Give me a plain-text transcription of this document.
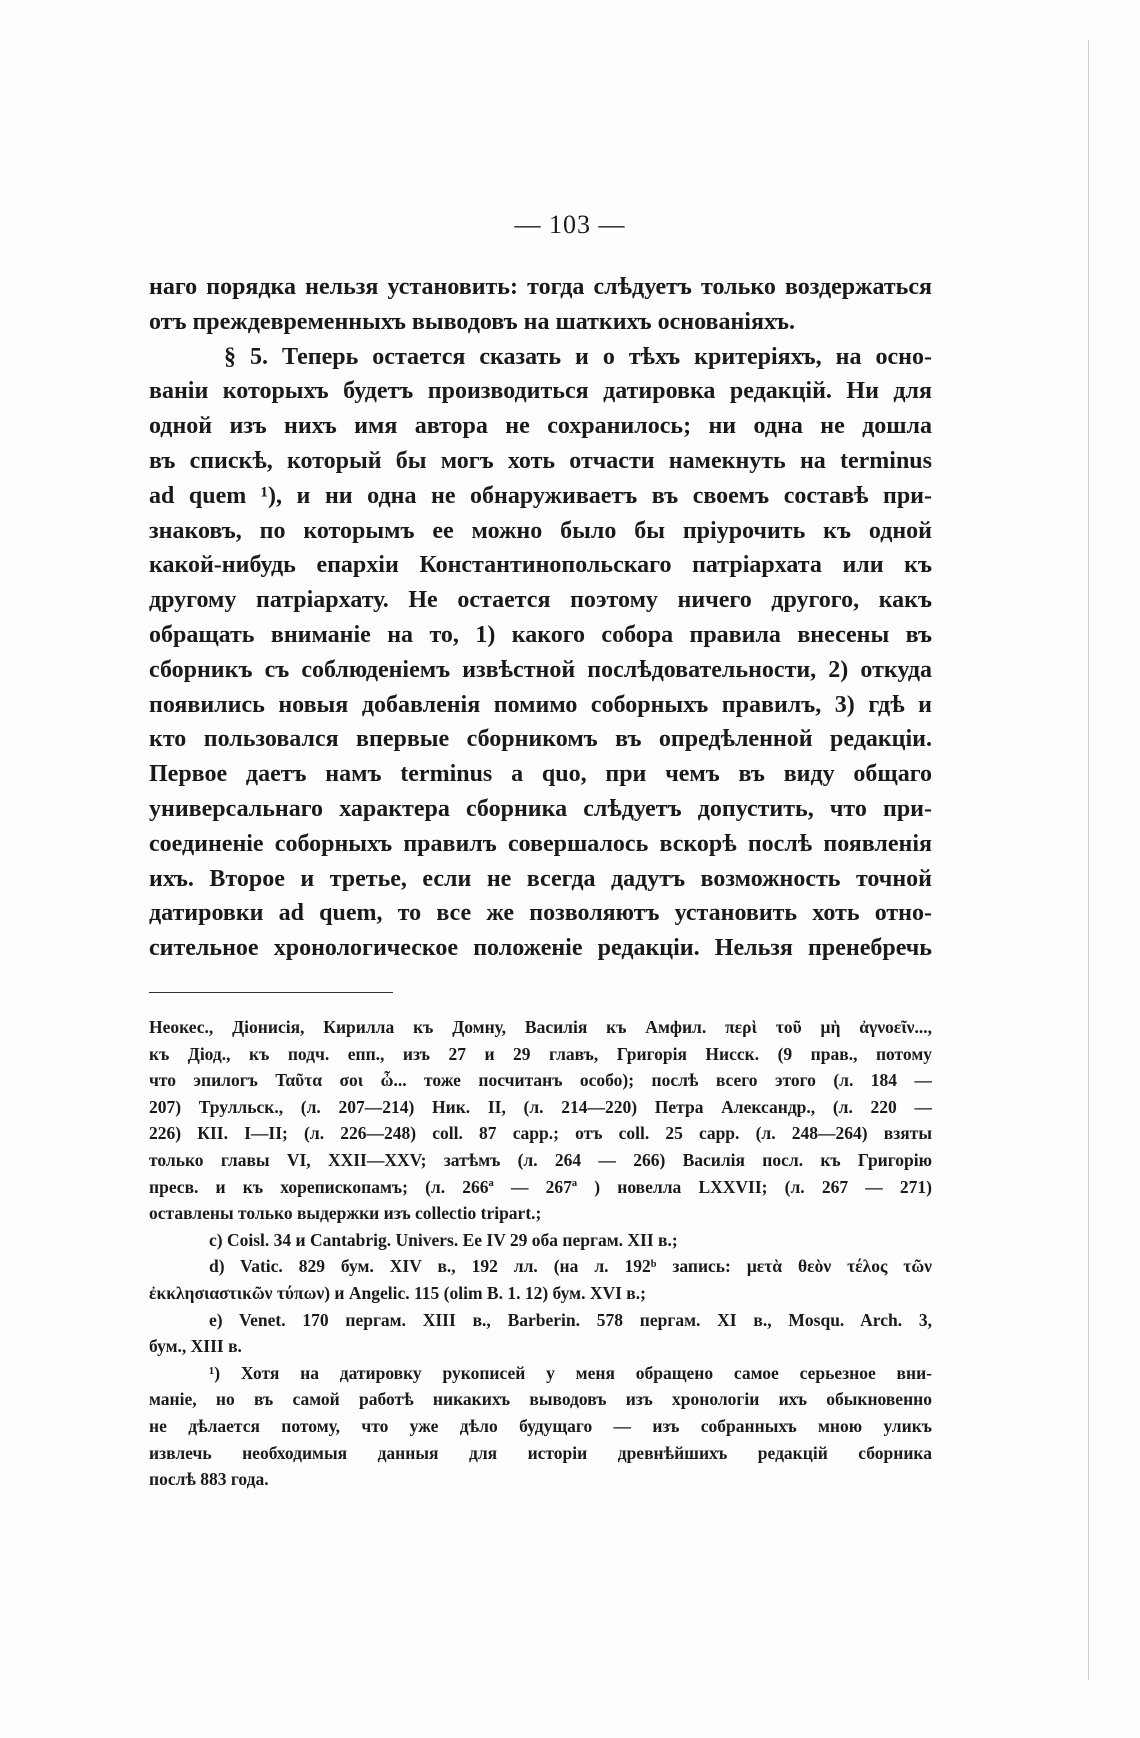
— 103 —
наго порядка нельзя установить: тогда слѣдуетъ только воздержаться
отъ преждевременныхъ выводовъ на шаткихъ основаніяхъ.
§ 5. Теперь остается сказать и о тѣхъ критеріяхъ, на осно-
ваніи которыхъ будетъ производиться датировка редакцій. Ни для
одной изъ нихъ имя автора не сохранилось; ни одна не дошла
въ спискѣ, который бы могъ хоть отчасти намекнуть на terminus
ad quem ¹), и ни одна не обнаруживаетъ въ своемъ составѣ при-
знаковъ, по которымъ ее можно было бы пріурочить къ одной
какой-нибудь епархіи Константинопольскаго патріархата или къ
другому патріархату. Не остается поэтому ничего другого, какъ
обращать вниманіе на то, 1) какого собора правила внесены въ
сборникъ съ соблюденіемъ извѣстной послѣдовательности, 2) откуда
появились новыя добавленія помимо соборныхъ правилъ, 3) гдѣ и
кто пользовался впервые сборникомъ въ опредѣленной редакціи.
Первое даетъ намъ terminus a quo, при чемъ въ виду общаго
универсальнаго характера сборника слѣдуетъ допустить, что при-
соединеніе соборныхъ правилъ совершалось вскорѣ послѣ появленія
ихъ. Второе и третье, если не всегда дадутъ возможность точной
датировки ad quem, то все же позволяютъ установить хоть отно-
сительное хронологическое положеніе редакціи. Нельзя пренебречь
Неокес., Діонисія, Кирилла къ Домну, Василія къ Амфил. περὶ τοῦ μὴ ἀγνοεῖν...,
къ Діод., къ подч. епп., изъ 27 и 29 главъ, Григорія Нисск. (9 прав., потому
что эпилогъ Ταῦτα σοι ὦ... тоже посчитанъ особо); послѣ всего этого (л. 184 —
207) Трулльск., (л. 207—214) Ник. II, (л. 214—220) Петра Александр., (л. 220 —
226) КII. I—II; (л. 226—248) coll. 87 capp.; отъ coll. 25 capp. (л. 248—264) взяты
только главы VI, XXII—XXV; затѣмъ (л. 264 — 266) Василія посл. къ Григорію
пресв. и къ хорепископамъ; (л. 266ª — 267ª ) новелла LXXVII; (л. 267 — 271)
оставлены только выдержки изъ collectio tripart.;
c) Coisl. 34 и Cantabrig. Univers. Ee IV 29 оба пергам. XII в.;
d) Vatic. 829 бум. XIV в., 192 лл. (на л. 192ᵇ запись: μετὰ θεὸν τέλος τῶν
ἐκκλησιαστικῶν τύπων) и Angelic. 115 (olim B. 1. 12) бум. XVI в.;
e) Venet. 170 пергам. XIII в., Barberin. 578 пергам. XI в., Mosqu. Arch. 3,
бум., XIII в.
¹) Хотя на датировку рукописей у меня обращено самое серьезное вни-
маніе, но въ самой работѣ никакихъ выводовъ изъ хронологіи ихъ обыкновенно
не дѣлается потому, что уже дѣло будущаго — изъ собранныхъ мною уликъ
извлечь необходимыя данныя для исторіи древнѣйшихъ редакцій сборника
послѣ 883 года.
